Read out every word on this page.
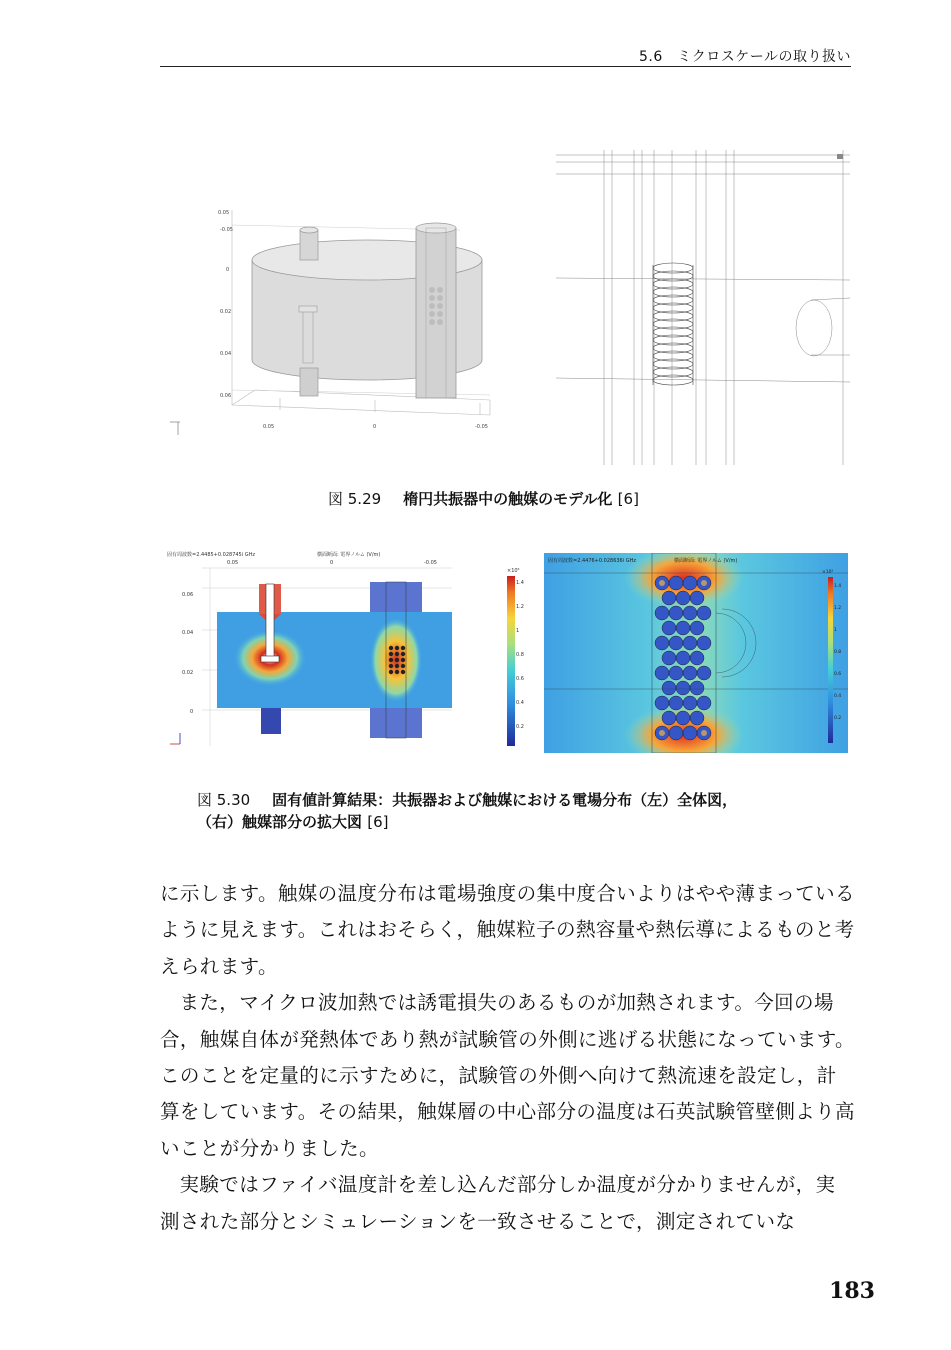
5.6　ミクロスケールの取り扱い
0.05
-0.05
0
0.02
0.04
0.06
0.05	0	-0.05
図 5.29 楕円共振器中の触媒のモデル化 [6]
固有周波数=2.4485+0.028745i GHz	横面断面: 電界ノルム (V/m)
0.05	0	-0.05
0.06
0.04
0.02
0
×10⁵
1.4
1.2
1
0.8
0.6
0.4
0.2
固有周波数=2.4476+0.028636i GHz	横面断面: 電界ノルム (V/m)
×10⁵
1.4
1.2
1
0.8
0.6
0.4
0.2
図 5.30 固有値計算結果：共振器および触媒における電場分布（左）全体図，
（右）触媒部分の拡大図 [6]

に示します。触媒の温度分布は電場強度の集中度合いよりはやや薄まっているように見えます。これはおそらく，触媒粒子の熱容量や熱伝導によるものと考えられます。

また，マイクロ波加熱では誘電損失のあるものが加熱されます。今回の場合，触媒自体が発熱体であり熱が試験管の外側に逃げる状態になっています。このことを定量的に示すために，試験管の外側へ向けて熱流速を設定し，計算をしています。その結果，触媒層の中心部分の温度は石英試験管壁側より高いことが分かりました。

実験ではファイバ温度計を差し込んだ部分しか温度が分かりませんが，実測された部分とシミュレーションを一致させることで，測定されていな

183
